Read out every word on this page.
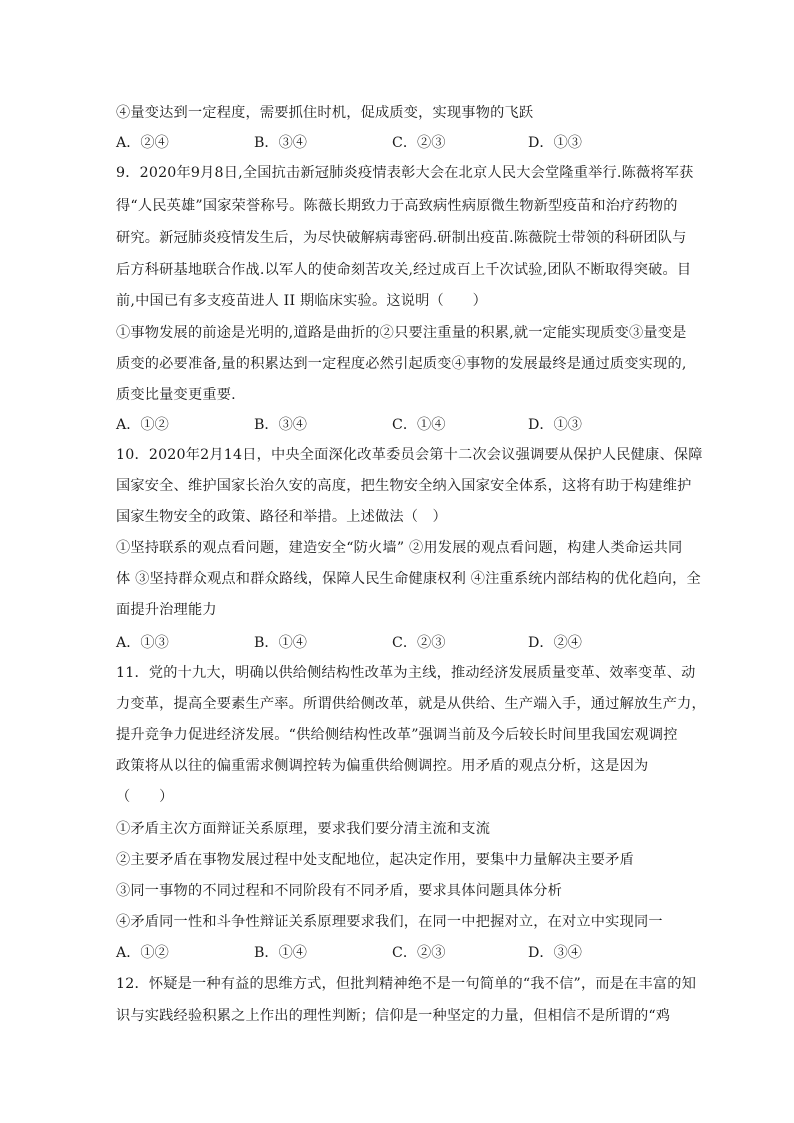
④量变达到一定程度，需要抓住时机，促成质变，实现事物的飞跃
A．②④	B．③④	C．②③	D．①③
9．2020年9月8日,全国抗击新冠肺炎疫情表彰大会在北京人民大会堂隆重举行.陈薇将军获
得“人民英雄”国家荣誉称号。陈薇长期致力于高致病性病原微生物新型疫苗和治疗药物的
研究。新冠肺炎疫情发生后，为尽快破解病毒密码.研制出疫苗.陈薇院士带领的科研团队与
后方科研基地联合作战.以军人的使命刻苦攻关,经过成百上千次试验,团队不断取得突破。目
前,中国已有多支疫苗进人 II 期临床实验。这说明（　　）
①事物发展的前途是光明的,道路是曲折的②只要注重量的积累,就一定能实现质变③量变是
质变的必要准备,量的积累达到一定程度必然引起质变④事物的发展最终是通过质变实现的,
质变比量变更重要.
A．①②	B．③④	C．①④	D．①③
10．2020年2月14日，中央全面深化改革委员会第十二次会议强调要从保护人民健康、保障
国家安全、维护国家长治久安的高度，把生物安全纳入国家安全体系，这将有助于构建维护
国家生物安全的政策、路径和举措。上述做法（　）
①坚持联系的观点看问题，建造安全“防火墙” ②用发展的观点看问题，构建人类命运共同
体 ③坚持群众观点和群众路线，保障人民生命健康权利 ④注重系统内部结构的优化趋向，全
面提升治理能力
A．①③	B．①④	C．②③	D．②④
11．党的十九大，明确以供给侧结构性改革为主线，推动经济发展质量变革、效率变革、动
力变革，提高全要素生产率。所谓供给侧改革，就是从供给、生产端入手，通过解放生产力，
提升竞争力促进经济发展。“供给侧结构性改革”强调当前及今后较长时间里我国宏观调控
政策将从以往的偏重需求侧调控转为偏重供给侧调控。用矛盾的观点分析，这是因为
（　　）
①矛盾主次方面辩证关系原理，要求我们要分清主流和支流
②主要矛盾在事物发展过程中处支配地位，起决定作用，要集中力量解决主要矛盾
③同一事物的不同过程和不同阶段有不同矛盾，要求具体问题具体分析
④矛盾同一性和斗争性辩证关系原理要求我们，在同一中把握对立，在对立中实现同一
A．①②	B．①④	C．②③	D．③④
12．怀疑是一种有益的思维方式，但批判精神绝不是一句简单的“我不信”，而是在丰富的知
识与实践经验积累之上作出的理性判断；信仰是一种坚定的力量，但相信不是所谓的“鸡
